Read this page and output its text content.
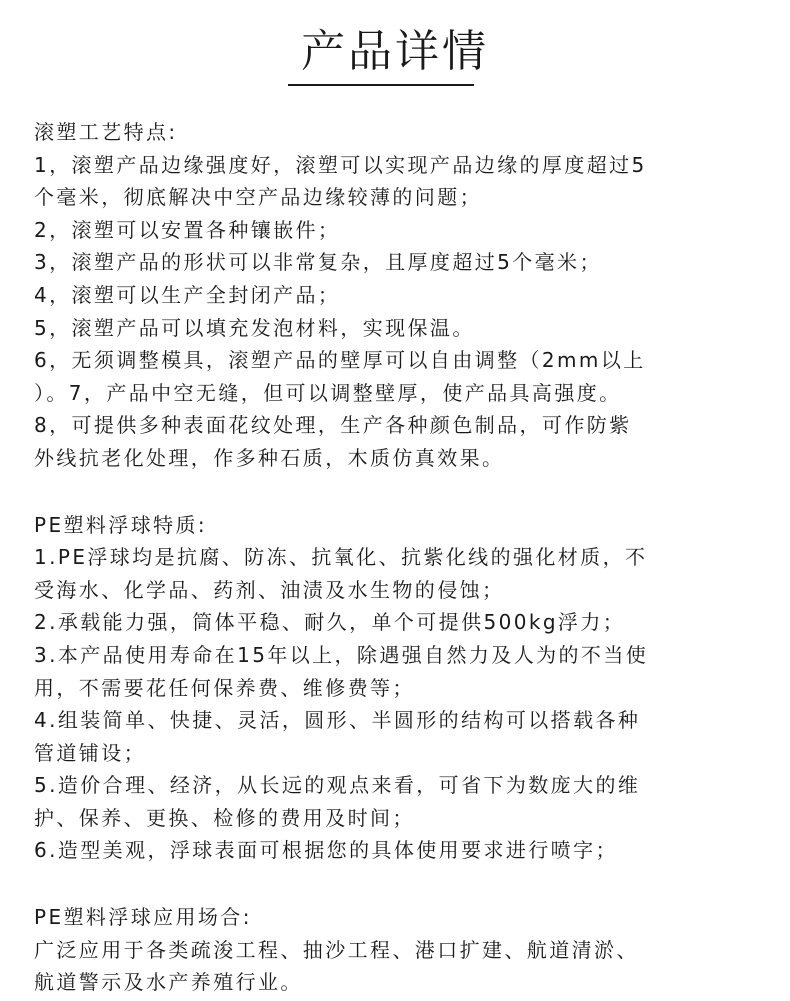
产品详情
滚塑工艺特点:
1，滚塑产品边缘强度好，滚塑可以实现产品边缘的厚度超过5
个毫米，彻底解决中空产品边缘较薄的问题；
2，滚塑可以安置各种镶嵌件；
3，滚塑产品的形状可以非常复杂，且厚度超过5个毫米；
4，滚塑可以生产全封闭产品；
5，滚塑产品可以填充发泡材料，实现保温。
6，无须调整模具，滚塑产品的壁厚可以自由调整（2mm以上
）。7，产品中空无缝，但可以调整壁厚，使产品具高强度。
8，可提供多种表面花纹处理，生产各种颜色制品，可作防紫
外线抗老化处理，作多种石质，木质仿真效果。
PE塑料浮球特质:
1.PE浮球均是抗腐、防冻、抗氧化、抗紫化线的强化材质，不
受海水、化学品、药剂、油渍及水生物的侵蚀；
2.承载能力强，筒体平稳、耐久，单个可提供500kg浮力；
3.本产品使用寿命在15年以上，除遇强自然力及人为的不当使
用，不需要花任何保养费、维修费等；
4.组装简单、快捷、灵活，圆形、半圆形的结构可以搭载各种
管道铺设；
5.造价合理、经济，从长远的观点来看，可省下为数庞大的维
护、保养、更换、检修的费用及时间；
6.造型美观，浮球表面可根据您的具体使用要求进行喷字；
PE塑料浮球应用场合:
广泛应用于各类疏浚工程、抽沙工程、港口扩建、航道清淤、
航道警示及水产养殖行业。
